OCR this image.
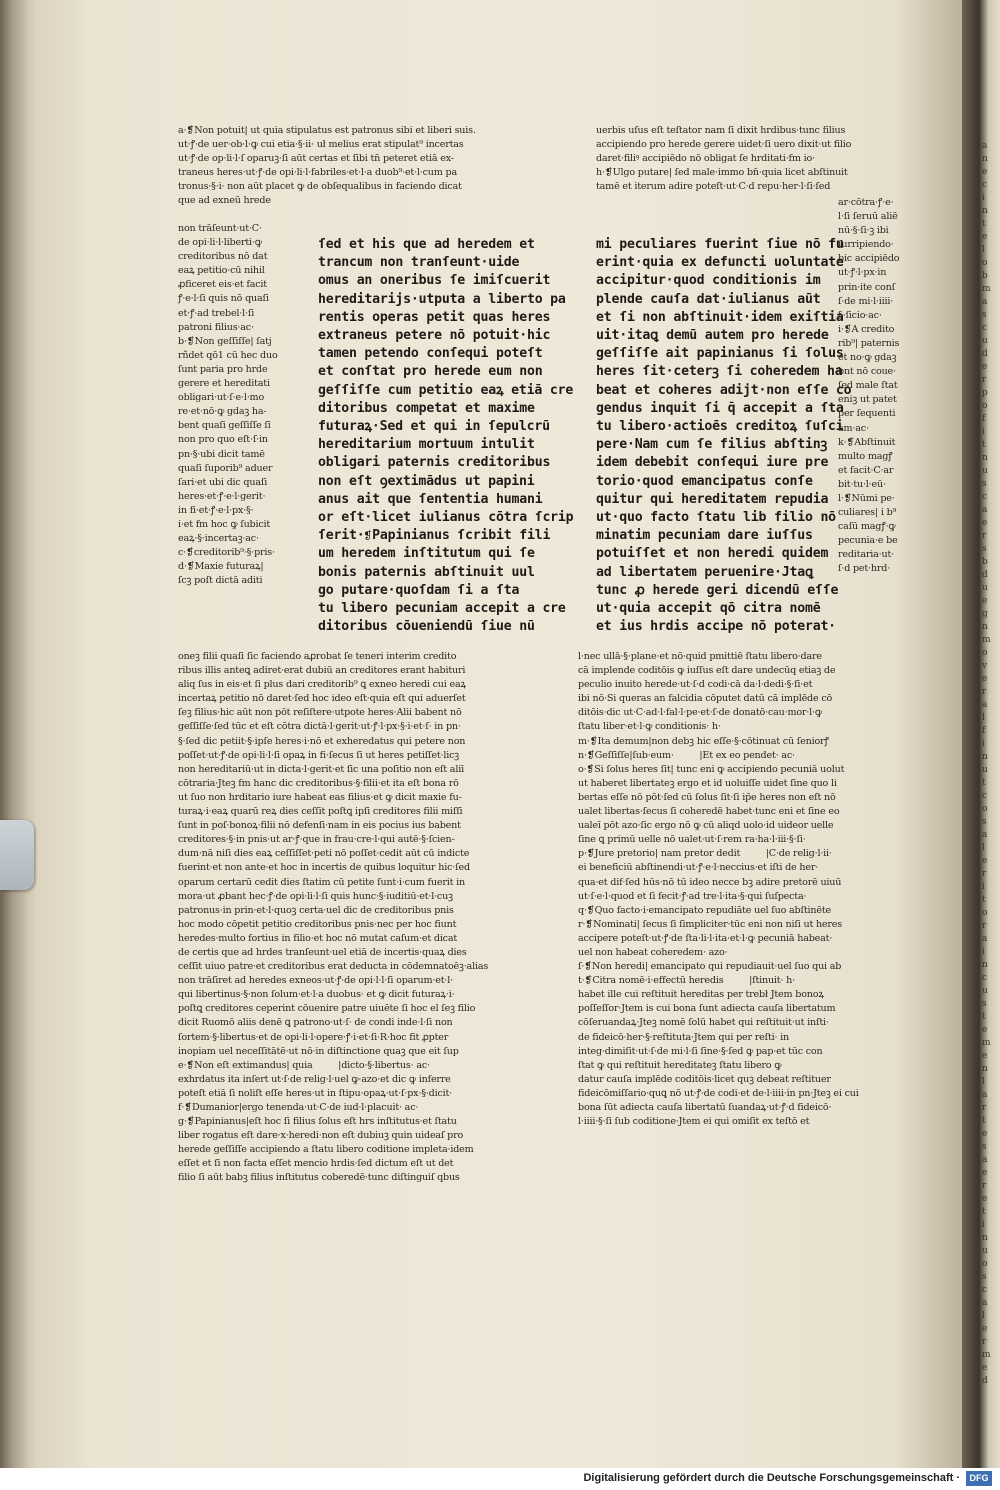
a·❡Non potuit| ut quia stipulatus est patronus sibi et liberi suis.
ut·ꝭ·de uer·ob·l·ꝙ cui etia·§·ii· uł melius erat stipulat⁹ incertas
ut·ꝭ·de op·li·l·ſ oparuꝫ·ſi aūt certas et ſibi tn̄ peteret etiā ex-
traneus heres·ut·ꝭ·de opi·li·l·fabriles·et·l·a duob⁹·et·l·cum pa
tronus·§·i· non aūt placet ꝙ de obſequalibus in faciendo dicat
que ad exneū hrede
non trāſeunt·ut·C·
de opi·li·l·liberti·ꝙ
creditoribus nō dat
eaꝝ petitio·cū nihil
ꝓficeret eis·et facit
ꝭ·e·l·ſi quis nō quaſi
et·ꝭ·ad trebel·l·ſi
patroni filius·ac·
b·❡Non geſſiſſe| ſatj
rñdet qō1 cū hec duo
ſunt paria pro hrde
gerere et hereditati
obligari·ut·ſ·e·l·mo
re·et·nō·ꝙ gdaꝫ ha-
bent quaſi geſſiſſe ſī
non pro quo eſt·ſ·in
pn·§·ubi dicit tamē
quaſi ſuporib⁹ aduer
ſari·et ubi dic quaſi
heres·et·ꝭ·e·l·gerit·
in fi·et·ꝭ·e·l·px·§·
i·et fm hoc ꝙ ſubicit
eaꝝ·§·incertaꝫ·ac·
c·❡creditorib⁹·§·pris·
d·❡Maxie futuraꝝ|
ſcꝫ poſt dictā aditi
ſed et his que ad heredem et
trancum non tranſeunt·uide
omus an oneribus ſe imiſcuerit
hereditarijs·utputa a liberto pa
rentis operas petit quas heres
extraneus petere nō potuit·hic
tamen petendo conſequi poteſt
et conſtat pro herede eum non
geſſiſſe cum petitio eaꝝ etiā
ditoribus competat et maxime
futuraꝝ·Sed et qui in ſepulcrū
hereditarium mortuum intulit
obligari paternis creditoribus
non eſt ꝯextimādus ut papini
anus ait que ſententia humani
or eſt·licet iulianus cōtra ſcrip
ſerit·❡Papinianus ſcribit fili
um heredem inſtitutum qui ſe
bonis paternis abſtinuit uul
go putare·quoſdam ſi a ſta
tu libero pecuniam accepit a cre
ditoribus cōueniendū ſiue nū
oneꝫ filii quaſi ſic faciendo aꝓrobat ſe teneri interim credito
ribus illis anteꝗ adiret·erat dubiū an creditores erant habituri
aliq ſus in eis·et ſi plus dari creditorib⁹ ꝗ exneo heredi cui eaꝝ
incertaꝝ petitio nō daret·ſed hoc ideo eſt·quia eſt qui aduerſet
ſeꝫ filius·hic aūt non pōt reſiſtere·utpote heres·Alii babent nō
geſſiſſe·ſed tūc et eſt cōtra dictā·l·gerit·ut·ꝭ·l·px·§·i·et·ſ· in pn·
§·ſed dic petiit·§·ipſe heres·i·nō et exheredatus qui petere non
poſſet·ut·ꝭ·de opi·li·l·ſi opaꝝ in fi·ſecus ſi ut heres petiſſet·licꝫ
non hereditariū·ut in dicta·l·gerit·et ſic una poſitio non eſt aliī
cōtraria·Jteꝫ fm hanc dic creditoribus·§·filii·et ita eſt bona rō
ut ſuo non hrditario iure habeat eas filius·et ꝙ dicit maxie fu-
turaꝝ·i·eaꝝ quarū reꝝ dies ceſſit poſtꝗ ipſi creditores filii miſſi
ſunt in poſ·bonoꝝ·filii nō defenſi·nam in eis pocius ius babent
creditores·§·in pnis·ut ar·ꝭ·que in frau·cre·l·qui autē·§·ſcien-
dum·nā niſi dies eaꝝ ceſſiſſet·peti nō poſſet·cedit aūt cū indicte
fuerint·et non ante·et hoc in incertis de quibus loquitur hic·ſed
oparum certarū cedit dies ſtatim cū petite ſunt·i·cum fuerit in
mora·ut ꝓbant hec·ꝭ·de opi·li·l·ſi quis hunc·§·iuditiū·et·l·cuꝫ
patronus·in prin·et·l·quoꝫ certa·uel dic de creditoribus pnis
hoc modo cōpetit petitio creditoribus pnis·nec per hoc fiunt
heredes·multo fortius in filio·et hoc nō mutat caſum·et dicat
de certis que ad hrdes tranſeunt·uel etiā de incertis·quaꝝ dies
ceſſit uiuo patre·et creditoribus erat deducta in cōdemnatoēꝫ·alias
non trāſiret ad heredes exneos·ut·ꝭ·de opi·l·l·ſi oparum·et·l·
qui libertinus·§·non ſolum·et·l·a duobus· et ꝙ dicit futuraꝝ·i·
poſtꝗ creditores ceperint cōuenire patre uiuēte ſi hoc el ſeꝫ filio
dicit Ruomō aliis denē ꝗ patrono·ut·ſ· de condi inde·l·ſi non
ſortem·§·libertus·et de opi·li·l·opere·ꝭ·i·et·ſi·R·hoc fit ꝓpter
inopiam uel neceſſitātē·ut nō·in diſtinctione quaꝫ que eit ſup
e·❡Non eſt extimandus| quia         |dicto·§·libertus· ac·
exhrdatus ita inſert ut·ſ·de relig·l·uel ꝙ·azo·et dic ꝙ inferre
poteſt etiā ſi noliſt eſſe heres·ut in ſtipu·opaꝝ·ut·ſ·px·§·dicit·
f·❡Dumanior|ergo tenenda·ut·C·de iud·l·placuit· ac·
g·❡Papinianus|eſt hoc ſi filius ſolus eſt hrs inſtitutus·et ſtatu
liber rogatus eſt dare·x·heredi·non eſt dubiuꝫ quin uideaſ pro
herede geſſiſſe accipiendo a ſtatu libero coditione impleta·idem
eſſet et ſi non facta eſſet mencio hrdis·ſed dictum eſt ut det
filio ſi aūt babꝫ filius inſtitutus coberedē·tunc diſtinguiſ qbus
uerbis uſus eſt teſtator nam ſi dixit hrdibus·tunc filius
accipiendo pro herede gerere uidet·ſi uero dixit·ut filio
daret·filiꝰ accipiēdo nō obligat ſe hrditati·fm io·
h·❡Ulgo putare| ſed male·immo bn̄·quia licet abſtinuit
tamē et iterum adire poteſt·ut·C·d repu·her·l·ſi·ſed
mi peculiares fuerint ſiue nō
erint·quia ex defuncti uoluntate
accipitur·quod conditionis im
plende cauſa dat·iulianus aūt
et ſi non abſtinuit·idem exiſtia
uit·itaꝗ demū autem pro herede
geſſiſſe ait papinianus ſi ſolus
heres ſit·ceterꝫ ſi coheredem
beat et coheres adijt·non eſſe
gendus inquit ſi q̄ accepit a ſta
tu libero·actioēs creditoꝝ ſuſci
pere·Nam cum ſe filius abſtinꝫ
idem debebit conſequi iure pre
torio·quod emancipatus conſe
quitur qui hereditatem repudia
ut·quo facto ſtatu lib filio nō
minatim pecuniam dare iuſſus
potuiſſet et non heredi quidem
ad libertatem peruenire·Jtaꝗ
tunc ꝓ herede geri dicendū eſſe
ut·quia accepit qō citra nomē
et ius hrdis accipe nō poterat·
ar·cōtra·ꝭ·e·
l·ſi ſeruū aliē
nū·§·ſi·ꝫ ibi
ſurripiendo·
bic accipiēdo
ut·ꝭ·l·px·in
prin·ite conſ
ſ·de mi·l·iiii·
§·ſicio·ac·
i·❡A credito
rib⁹| paternis
et no·ꝙ gdaꝫ
bnt nō coue·
ſed male ſtat
eniꝫ ut patet
per ſequenti
am·ac·
k·❡Abſtinuit
multo magꝭ
et facit·C·ar
bit·tu·l·eū·
l·❡Nūmi pe·
culiares| i b⁹
caſū magꝭ·ꝙ
pecunia·e be
reditaria·ut·
ſ·d pet·hrd·
l·nec ullā·§·plane·et nō·quid pmittiē ſtatu libero·dare
cā implende coditōis ꝙ iuſſus eſt dare undecūq etiaꝫ de
peculio inuito herede·ut·ſ·d codi·cā da·l·dedi·§·ſi·et
ibi nō·Si queras an falcidia cōputet datū cā implēde cō
ditōis·dic ut·C·ad·l·fal·l·pe·et·ſ·de donatō·cau·mor·l·ꝙ
ſtatu liber·et·l·ꝙ conditionis· h·
m·❡Ita demum|non debꝫ hic eſſe·§·cōtinuat cū ſeniorꝭ
n·❡Geſſiſſe|ſub·eum·         |Et ex eo pendet· ac·
o·❡Si ſolus heres ſit| tunc eni ꝙ accipiendo pecuniā uolut
ut haberet libertateꝫ ergo et id uoluiſſe uidet ſine quo li
bertas eſſe nō pōt·ſed cū ſolus ſit·ſi ip̄e heres non eſt nō
ualet libertas·ſecus ſi coheredē habet·tunc eni et ſine eo
ualeī pōt azo·ſic ergo nō ꝙ cū aliqd uolo·id uideor uelle
ſine ꝗ primū uelle nō ualet·ut·ſ·rem ra·ha·l·iii·§·ſi·
p·❡Jure pretorio| nam pretor dedit         |C·de relig·l·ii·
ei beneficiū abſtinendi·ut·ꝭ·e·l·neccius·et iſti de her·
qua·et dif·ſed hūs·nō tū ideo necce bꝫ adire pretorē uiuū
ut·ſ·e·l·quod et ſi fecit·ꝭ·ad tre·l·ita·§·qui ſuſpecta·
q·❡Quo facto·i·emancipato repudiāte uel ſuo abſtinēte
r·❡Nominati| ſecus ſi ſimpliciter·tūc eni non niſi ut heres
accipere poteſt·ut·ꝭ·de ſta·li·l·ita·et·l·ꝙ pecuniā habeat·
uel non habeat coheredem· azo·
ſ·❡Non heredi| emancipato qui repudiauit·uel ſuo qui ab
t·❡Citra nomē·i·effectū heredis         |ſtinuit· h·
habet ille cui reſtituit hereditas per trebł Jtem bonoꝝ
poſſeſſor·Jtem is cui bona ſunt adiecta cauſa libertatum
cōſeruandaꝝ·Jteꝫ nomē ſolū habet qui reſtituit·ut inſti·
de fideicō·her·§·reſtituta·Jtem qui per reſti· in
integ·dimiſit·ut·ſ·de mi·l·ſi ſine·§·ſed ꝙ pap·et tūc con
ſtat ꝙ qui reſtituit hereditateꝫ ſtatu libero ꝙ
datur cauſa implēde coditōis·licet quꝫ debeat reſtituer
fideicōmiſſario·quꝗ nō ut·ꝭ·de codi·et de·l·iiii·in pn·Jteꝫ ei cui
bona ſūt adiecta cauſa libertatū ſuandaꝝ·ut·ꝭ·d fideicō·
l·iiii·§·ſi ſub coditione·Jtem ei qui omiſit ex teſtō et
a
n
e
c
i
n
t
e
l
o
b
m
a
s
c
u
d
e
r
p
o
f
i
t
n
u
s
c
a
e
r
s
b
d
u
e
g
n
m
o
v
e
r
a
l
f
i
n
u
t
c
o
s
a
l
e
r
i
t
o
r
a
i
n
c
u
s
t
e
m
e
n
l
a
r
t
e
s
a
e
r
e
t
i
n
u
o
s
c
a
l
e
r
m
e
d
Digitalisierung gefördert durch die Deutsche Forschungsgemeinschaft ·	DFG
